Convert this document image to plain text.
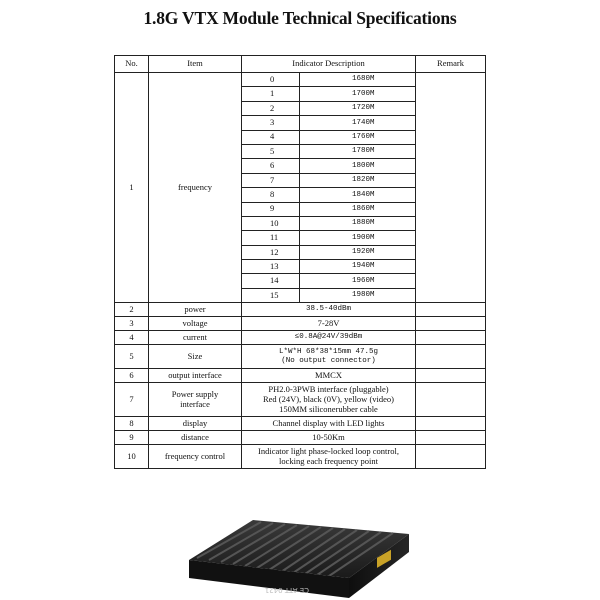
1.8G VTX Module Technical Specifications
No.	Item	Indicator Description		Remark
1	frequency	0	1680M	
		1	1700M	
		2	1720M	
		3	1740M	
		4	1760M	
		5	1780M	
		6	1800M	
		7	1820M	
		8	1840M	
		9	1860M	
		10	1880M	
		11	1900M	
		12	1920M	
		13	1940M	
		14	1960M	
		15	1980M	
2	power	38.5-40dBm		

3	voltage	7-28V		

4	current	≤0.8A@24V/39dBm		

5	Size	L*W*H 68*38*15mm 47.5g
(No output connector)		

6	output interface	MMCX		

7	Power supply interface	PH2.0-3PWB interface (pluggable)
Red (24V), black (0V), yellow (video)
150MM siliconerubber cable		

8	display	Channel display with LED lights		

9	distance	10-50Km		

10	frequency control	Indicator light phase-locked loop control,
locking each frequency point		

CE ATT 0421
